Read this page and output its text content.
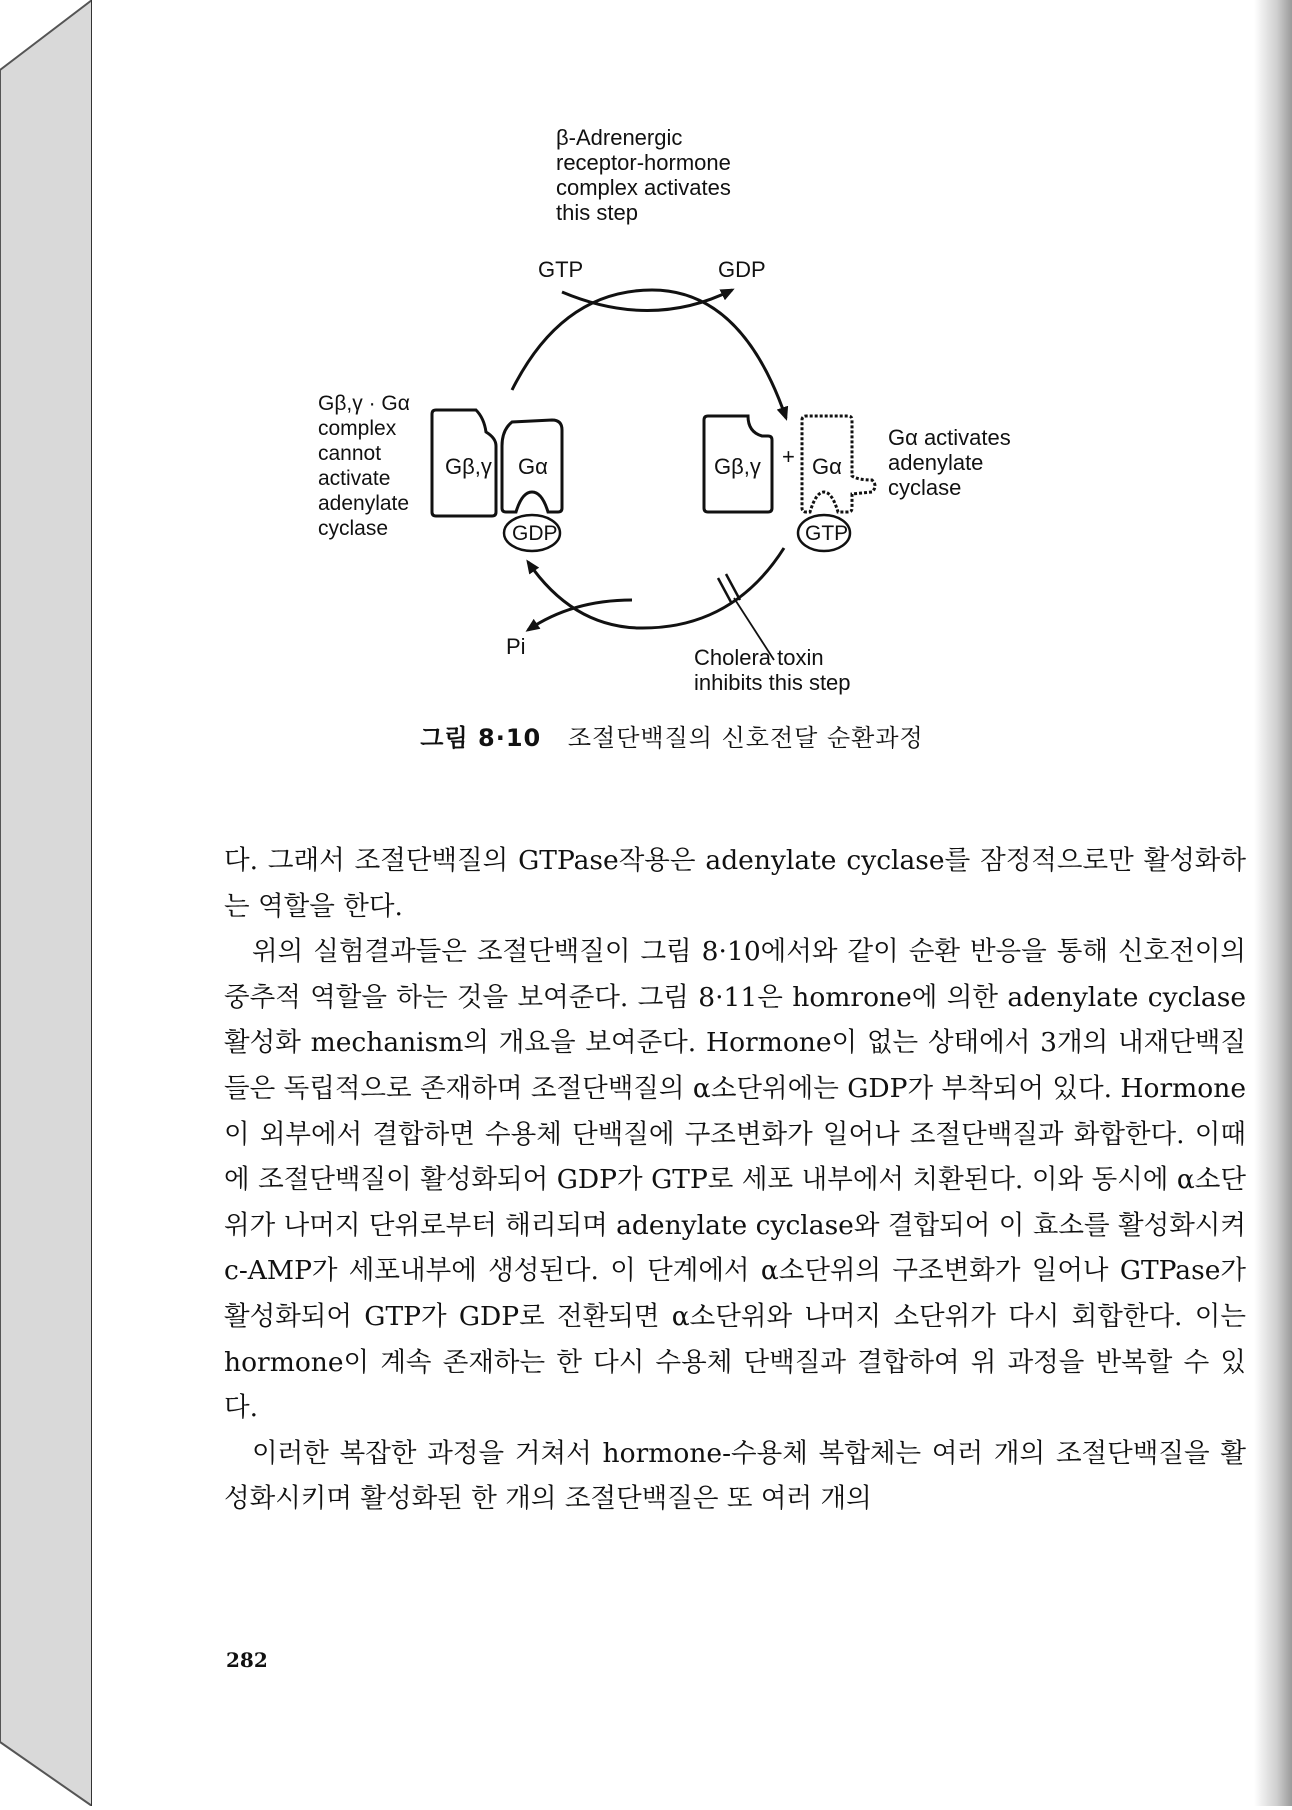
β-Adrenergic
receptor-hormone
complex activates
this step
GTP	GDP
Pi
Gβ,γ · Gα
complex
cannot
activate
adenylate
cyclase
Gβ,γ Gα
GDP
Gβ,γ + Gα
GTP
Gα activates
adenylate
cyclase
Cholera toxin
inhibits this step
그림 8·10 조절단백질의 신호전달 순환과정

다. 그래서 조절단백질의 GTPase작용은 adenylate cyclase를 잠정적으로만 활성화하는 역할을 한다.

위의 실험결과들은 조절단백질이 그림 8·10에서와 같이 순환 반응을 통해 신호전이의 중추적 역할을 하는 것을 보여준다. 그림 8·11은 homrone에 의한 adenylate cyclase 활성화 mechanism의 개요을 보여준다. Hormone이 없는 상태에서 3개의 내재단백질들은 독립적으로 존재하며 조절단백질의 α소단위에는 GDP가 부착되어 있다. Hormone이 외부에서 결합하면 수용체 단백질에 구조변화가 일어나 조절단백질과 화합한다. 이때에 조절단백질이 활성화되어 GDP가 GTP로 세포 내부에서 치환된다. 이와 동시에 α소단위가 나머지 단위로부터 해리되며 adenylate cyclase와 결합되어 이 효소를 활성화시켜 c-AMP가 세포내부에 생성된다. 이 단계에서 α소단위의 구조변화가 일어나 GTPase가 활성화되어 GTP가 GDP로 전환되면 α소단위와 나머지 소단위가 다시 회합한다. 이는 hormone이 계속 존재하는 한 다시 수용체 단백질과 결합하여 위 과정을 반복할 수 있다.

이러한 복잡한 과정을 거쳐서 hormone-수용체 복합체는 여러 개의 조절단백질을 활성화시키며 활성화된 한 개의 조절단백질은 또 여러 개의

282
